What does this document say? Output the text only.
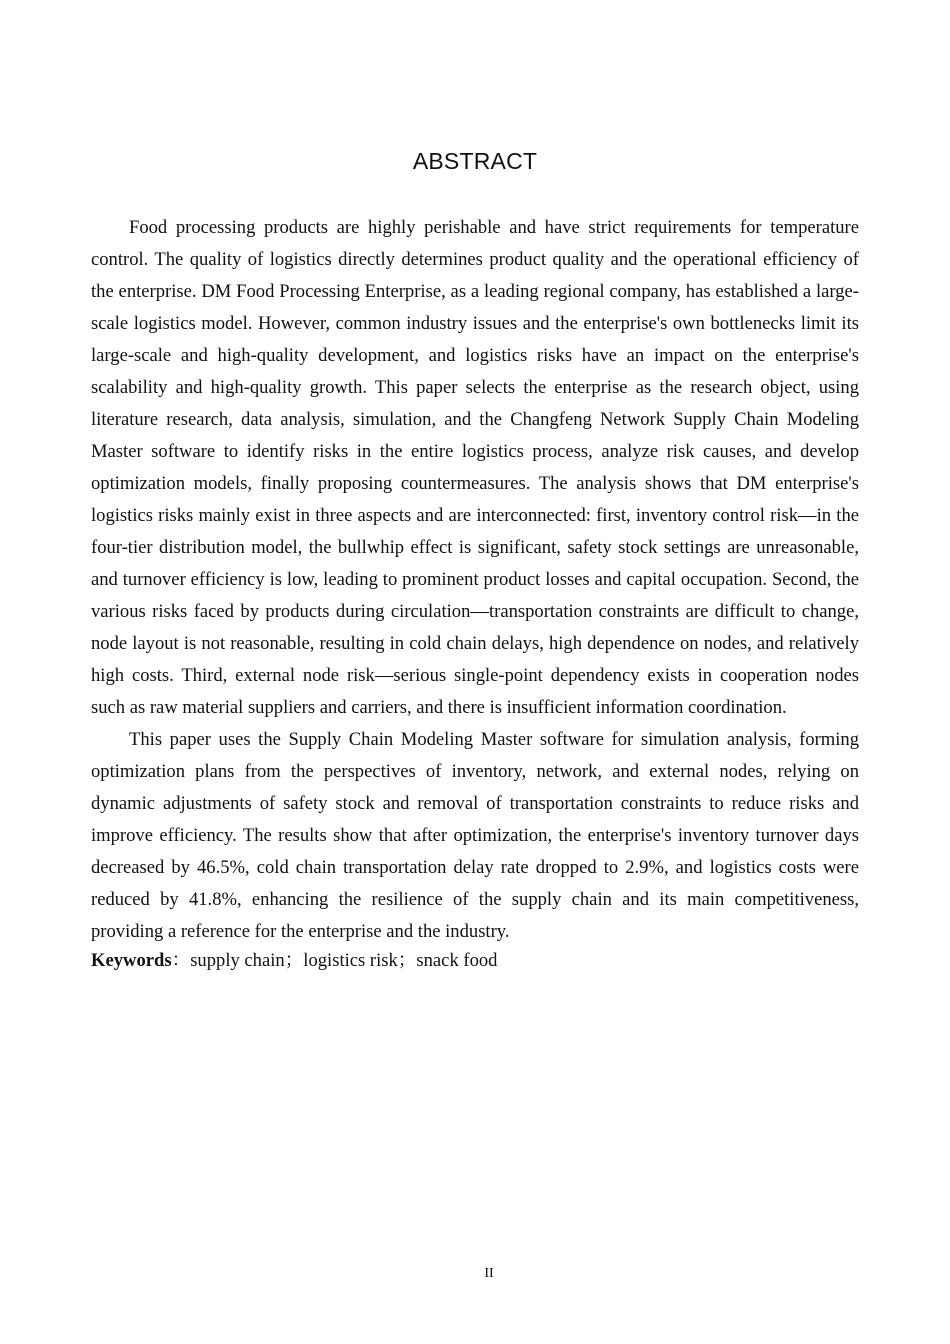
ABSTRACT

Food processing products are highly perishable and have strict requirements for temperature control. The quality of logistics directly determines product quality and the operational efficiency of the enterprise. DM Food Processing Enterprise, as a leading regional company, has established a large-scale logistics model. However, common industry issues and the enterprise's own bottlenecks limit its large-scale and high-quality development, and logistics risks have an impact on the enterprise's scalability and high-quality growth. This paper selects the enterprise as the research object, using literature research, data analysis, simulation, and the Changfeng Network Supply Chain Modeling Master software to identify risks in the entire logistics process, analyze risk causes, and develop optimization models, finally proposing countermeasures. The analysis shows that DM enterprise's logistics risks mainly exist in three aspects and are interconnected: first, inventory control risk—in the four-tier distribution model, the bullwhip effect is significant, safety stock settings are unreasonable, and turnover efficiency is low, leading to prominent product losses and capital occupation. Second, the various risks faced by products during circulation—transportation constraints are difficult to change, node layout is not reasonable, resulting in cold chain delays, high dependence on nodes, and relatively high costs. Third, external node risk—serious single-point dependency exists in cooperation nodes such as raw material suppliers and carriers, and there is insufficient information coordination.

This paper uses the Supply Chain Modeling Master software for simulation analysis, forming optimization plans from the perspectives of inventory, network, and external nodes, relying on dynamic adjustments of safety stock and removal of transportation constraints to reduce risks and improve efficiency. The results show that after optimization, the enterprise's inventory turnover days decreased by 46.5%, cold chain transportation delay rate dropped to 2.9%, and logistics costs were reduced by 41.8%, enhancing the resilience of the supply chain and its main competitiveness, providing a reference for the enterprise and the industry.

Keywords：supply chain；logistics risk；snack food

II
